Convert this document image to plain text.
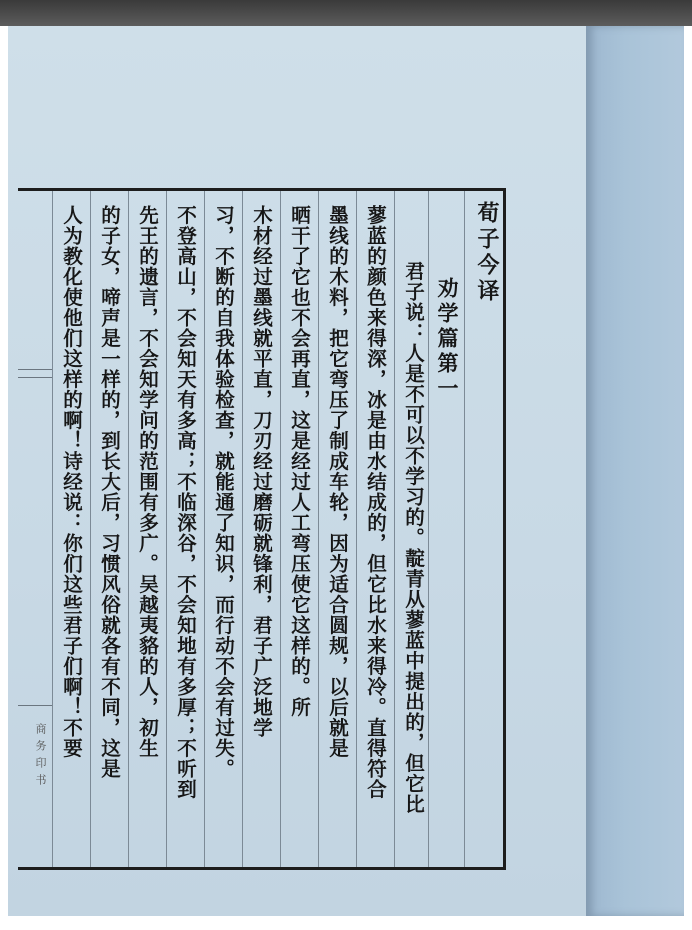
商务印书
荀子今译
劝学篇第一
君子说：人是不可以不学习的。靛青从蓼蓝中提出的，但它比
蓼蓝的颜色来得深，冰是由水结成的，但它比水来得冷。直得符合
墨线的木料，把它弯压了制成车轮，因为适合圆规，以后就是
晒干了它也不会再直，这是经过人工弯压使它这样的。所
木材经过墨线就平直，刀刃经过磨砺就锋利，君子广泛地学
习，不断的自我体验检查，就能通了知识，而行动不会有过失。
不登高山，不会知天有多高；不临深谷，不会知地有多厚；不听到
先王的遗言，不会知学问的范围有多广。吴越夷貉的人，初生
的子女，啼声是一样的，到长大后，习惯风俗就各有不同，这是
人为教化使他们这样的啊！诗经说：你们这些君子们啊！不要
